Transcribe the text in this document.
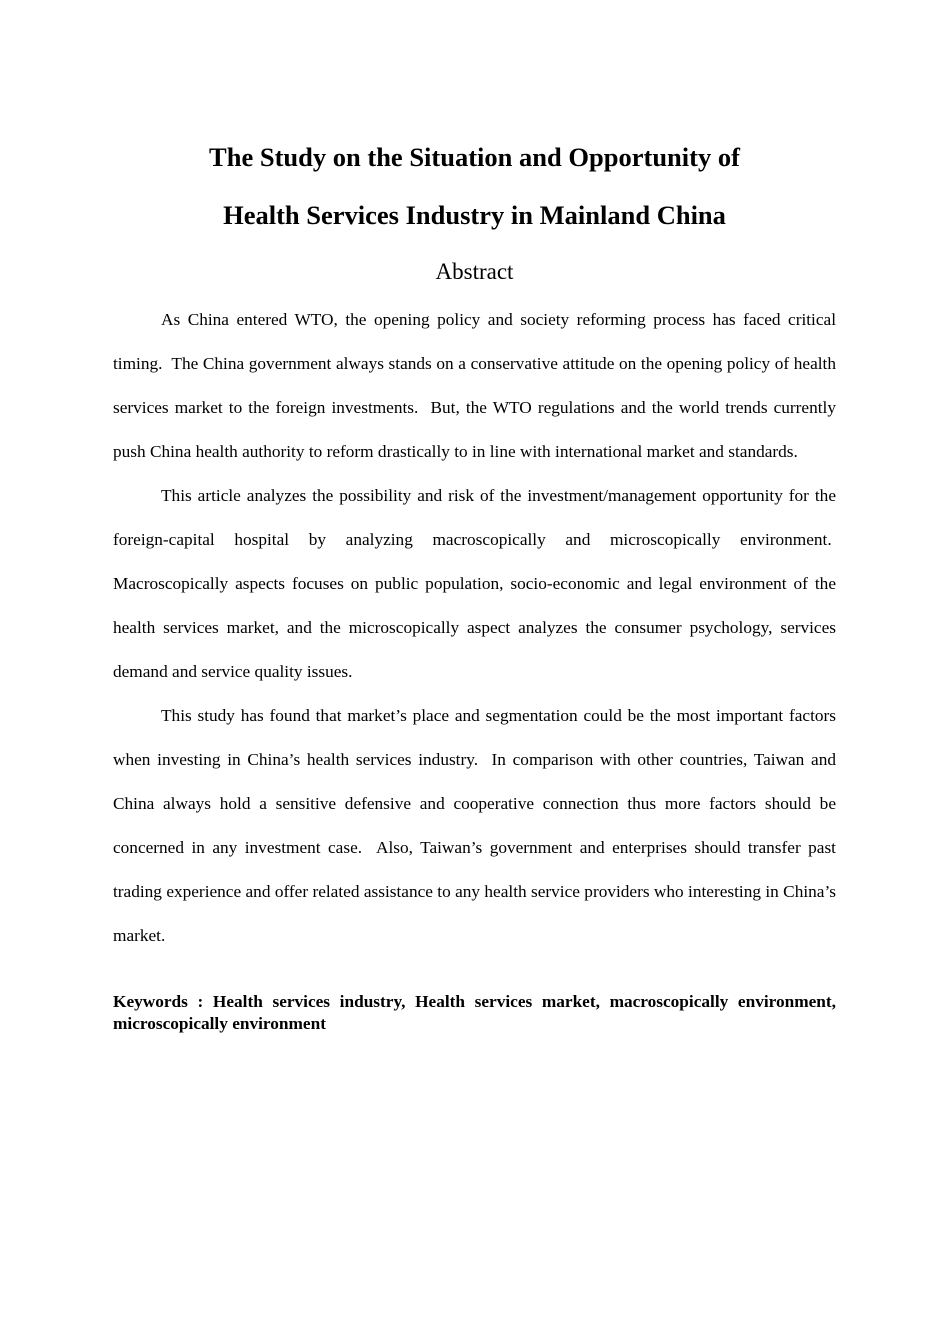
The Study on the Situation and Opportunity of
Health Services Industry in Mainland China
Abstract

As China entered WTO, the opening policy and society reforming process has faced critical timing.  The China government always stands on a conservative attitude on the opening policy of health services market to the foreign investments.  But, the WTO regulations and the world trends currently push China health authority to reform drastically to in line with international market and standards.

This article analyzes the possibility and risk of the investment/management opportunity for the foreign-capital hospital by analyzing macroscopically and microscopically environment.  Macroscopically aspects focuses on public population, socio-economic and legal environment of the health services market, and the microscopically aspect analyzes the consumer psychology, services demand and service quality issues.

This study has found that market’s place and segmentation could be the most important factors when investing in China’s health services industry.  In comparison with other countries, Taiwan and China always hold a sensitive defensive and cooperative connection thus more factors should be concerned in any investment case.  Also, Taiwan’s government and enterprises should transfer past trading experience and offer related assistance to any health service providers who interesting in China’s market.

Keywords : Health services industry, Health services market, macroscopically environment, microscopically environment
